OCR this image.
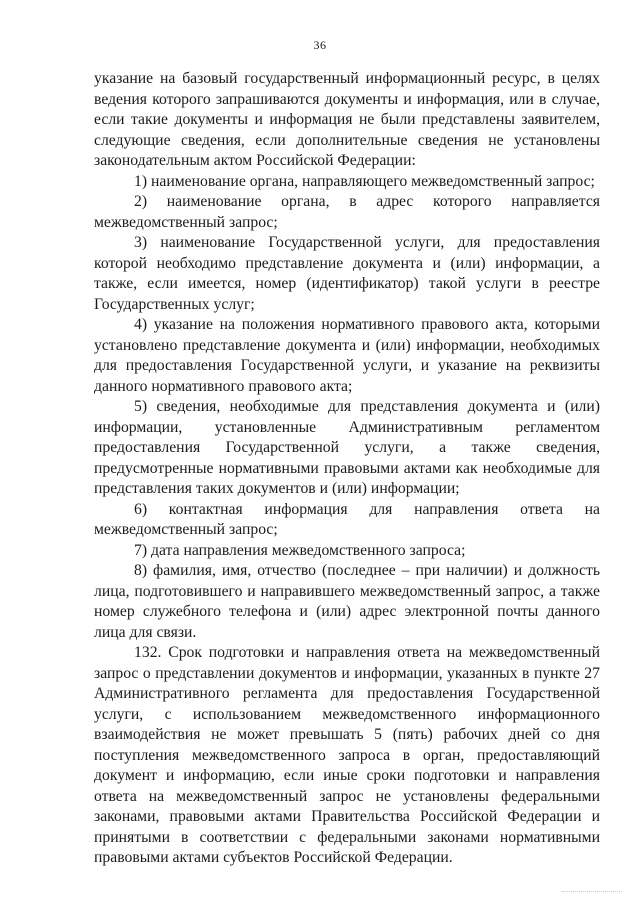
36

указание на базовый государственный информационный ресурс, в целях ведения которого запрашиваются документы и информация, или в случае, если такие документы и информация не были представлены заявителем, следующие сведения, если дополнительные сведения не установлены законодательным актом Российской Федерации:

1) наименование органа, направляющего межведомственный запрос;

2) наименование органа, в адрес которого направляется межведомственный запрос;

3) наименование Государственной услуги, для предоставления которой необходимо представление документа и (или) информации, а также, если имеется, номер (идентификатор) такой услуги в реестре Государственных услуг;

4) указание на положения нормативного правового акта, которыми установлено представление документа и (или) информации, необходимых для предоставления Государственной услуги, и указание на реквизиты данного нормативного правового акта;

5) сведения, необходимые для представления документа и (или) информации, установленные Административным регламентом предоставления Государственной услуги, а также сведения, предусмотренные нормативными правовыми актами как необходимые для представления таких документов и (или) информации;

6) контактная информация для направления ответа на межведомственный запрос;

7) дата направления межведомственного запроса;

8) фамилия, имя, отчество (последнее – при наличии) и должность лица, подготовившего и направившего межведомственный запрос, а также номер служебного телефона и (или) адрес электронной почты данного лица для связи.

132. Срок подготовки и направления ответа на межведомственный запрос о представлении документов и информации, указанных в пункте 27 Административного регламента для предоставления Государственной услуги, с использованием межведомственного информационного взаимодействия не может превышать 5 (пять) рабочих дней со дня поступления межведомственного запроса в орган, предоставляющий документ и информацию, если иные сроки подготовки и направления ответа на межведомственный запрос не установлены федеральными законами, правовыми актами Правительства Российской Федерации и принятыми в соответствии с федеральными законами нормативными правовыми актами субъектов Российской Федерации.
